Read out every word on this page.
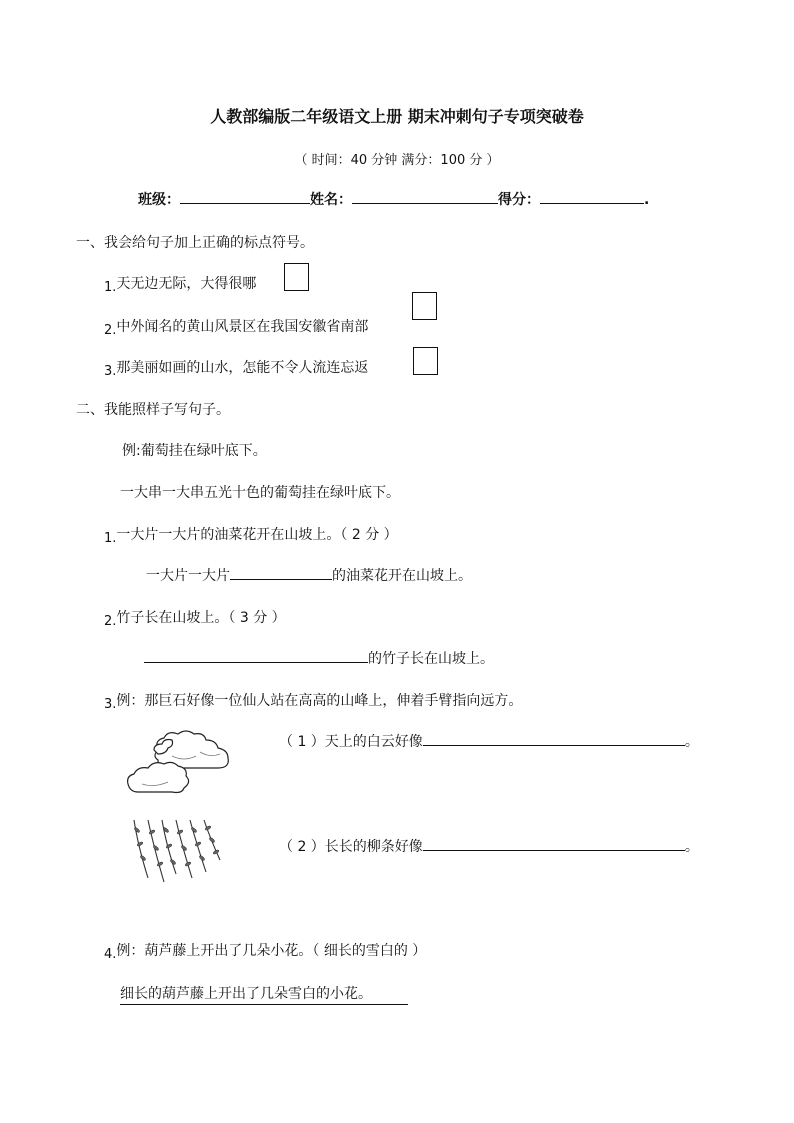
人教部编版二年级语文上册 期末冲刺句子专项突破卷
（ 时间：40 分钟 满分：100 分 ）
班级：	姓名：	得分：	.
一、我会给句子加上正确的标点符号。
1.天无边无际，大得很哪
2.中外闻名的黄山风景区在我国安徽省南部
3.那美丽如画的山水，怎能不令人流连忘返
二、我能照样子写句子。
例:葡萄挂在绿叶底下。
一大串一大串五光十色的葡萄挂在绿叶底下。
1.一大片一大片的油菜花开在山坡上。（ 2 分 ）
一大片一大片	的油菜花开在山坡上。
2.竹子长在山坡上。（ 3 分 ）
的竹子长在山坡上。
3.例：那巨石好像一位仙人站在高高的山峰上，伸着手臂指向远方。
（ 1 ）天上的白云好像	。
（ 2 ）长长的柳条好像	。
4.例：葫芦藤上开出了几朵小花。（ 细长的雪白的 ）
细长的葫芦藤上开出了几朵雪白的小花。
